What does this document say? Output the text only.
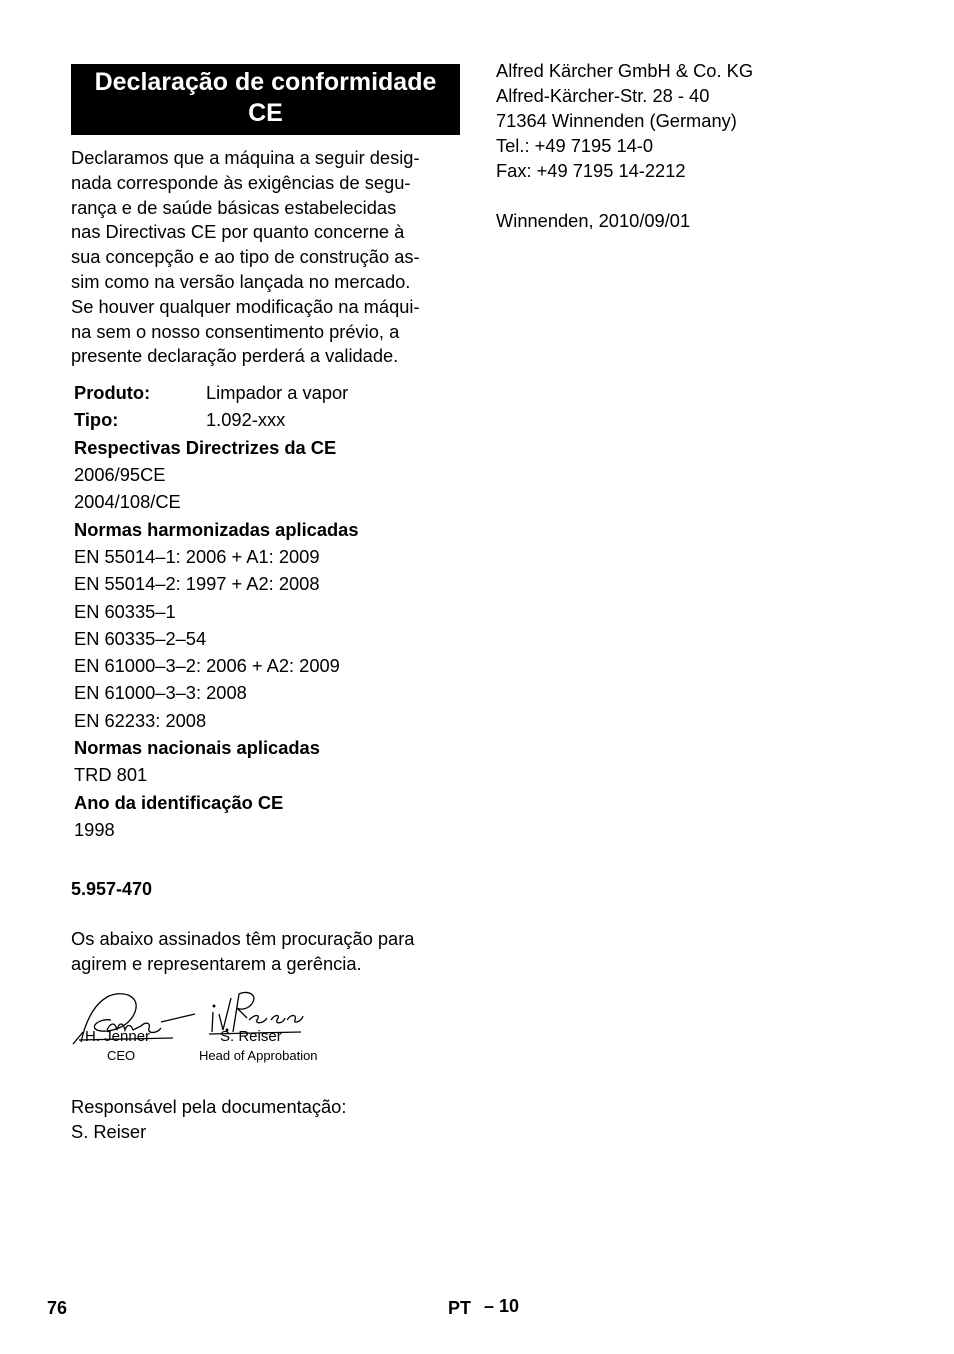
Declaração de conformidade
CE
Declaramos que a máquina a seguir desig-
nada corresponde às exigências de segu-
rança e de saúde básicas estabelecidas
nas Directivas CE por quanto concerne à
sua concepção e ao tipo de construção as-
sim como na versão lançada no mercado.
Se houver qualquer modificação na máqui-
na sem o nosso consentimento prévio, a
presente declaração perderá a validade.
Produto:	Limpador a vapor
Tipo:	1.092-xxx
Respectivas Directrizes da CE
2006/95CE
2004/108/CE
Normas harmonizadas aplicadas
EN 55014–1: 2006 + A1: 2009
EN 55014–2: 1997 + A2: 2008
EN 60335–1
EN 60335–2–54
EN 61000–3–2: 2006 + A2: 2009
EN 61000–3–3: 2008
EN 62233: 2008
Normas nacionais aplicadas
TRD 801
Ano da identificação CE
1998
5.957-470
Os abaixo assinados têm procuração para
agirem e representarem a gerência.
H. Jenner
CEO
S. Reiser
Head of Approbation
Responsável pela documentação:
S. Reiser
Alfred Kärcher GmbH & Co. KG
Alfred-Kärcher-Str. 28 - 40
71364 Winnenden (Germany)
Tel.: +49 7195 14-0
Fax: +49 7195 14-2212
Winnenden, 2010/09/01
76	PT – 10
